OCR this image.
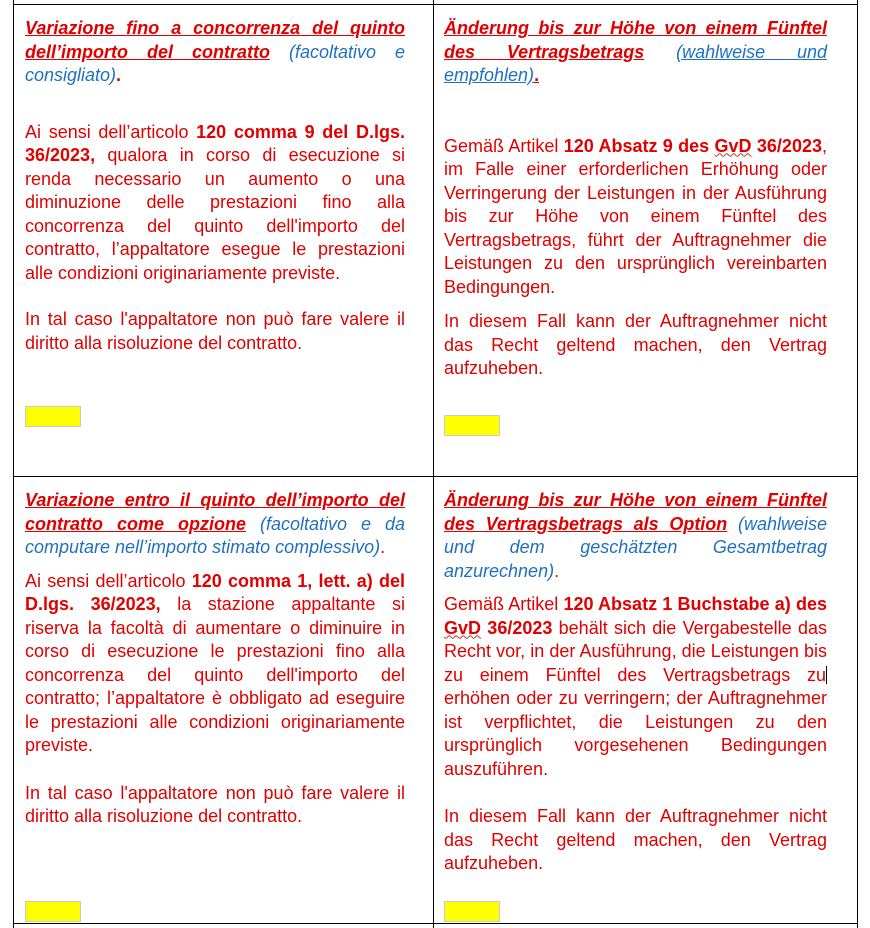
Variazione fino a concorrenza del quinto dell’importo del contratto (facoltativo e consigliato).

Ai sensi dell’articolo 120 comma 9 del D.lgs. 36/2023, qualora in corso di esecuzione si renda necessario un aumento o una diminuzione delle prestazioni fino alla concorrenza del quinto dell'importo del contratto, l’appaltatore esegue le prestazioni alle condizioni originariamente previste.

In tal caso l'appaltatore non può fare valere il diritto alla risoluzione del contratto.

Änderung bis zur Höhe von einem Fünftel des Vertragsbetrags (wahlweise und empfohlen).

Gemäß Artikel 120 Absatz 9 des GvD 36/2023, im Falle einer erforderlichen Erhöhung oder Verringerung der Leistungen in der Ausführung bis zur Höhe von einem Fünftel des Vertragsbetrags, führt der Auftragnehmer die Leistungen zu den ursprünglich vereinbarten Bedingungen.

In diesem Fall kann der Auftragnehmer nicht das Recht geltend machen, den Vertrag aufzuheben.

Variazione entro il quinto dell’importo del contratto come opzione (facoltativo e da computare nell’importo stimato complessivo).

Ai sensi dell’articolo 120 comma 1, lett. a) del D.lgs. 36/2023, la stazione appaltante si riserva la facoltà di aumentare o diminuire in corso di esecuzione le prestazioni fino alla concorrenza del quinto dell'importo del contratto; l’appaltatore è obbligato ad eseguire le prestazioni alle condizioni originariamente previste.

In tal caso l'appaltatore non può fare valere il diritto alla risoluzione del contratto.

Änderung bis zur Höhe von einem Fünftel des Vertragsbetrags als Option (wahlweise und dem geschätzten Gesamtbetrag anzurechnen).

Gemäß Artikel 120 Absatz 1 Buchstabe a) des GvD 36/2023 behält sich die Vergabestelle das Recht vor, in der Ausführung, die Leistungen bis zu einem Fünftel des Vertragsbetrags zu erhöhen oder zu verringern; der Auftragnehmer ist verpflichtet, die Leistungen zu den ursprünglich vorgesehenen Bedingungen auszuführen.

In diesem Fall kann der Auftragnehmer nicht das Recht geltend machen, den Vertrag aufzuheben.
